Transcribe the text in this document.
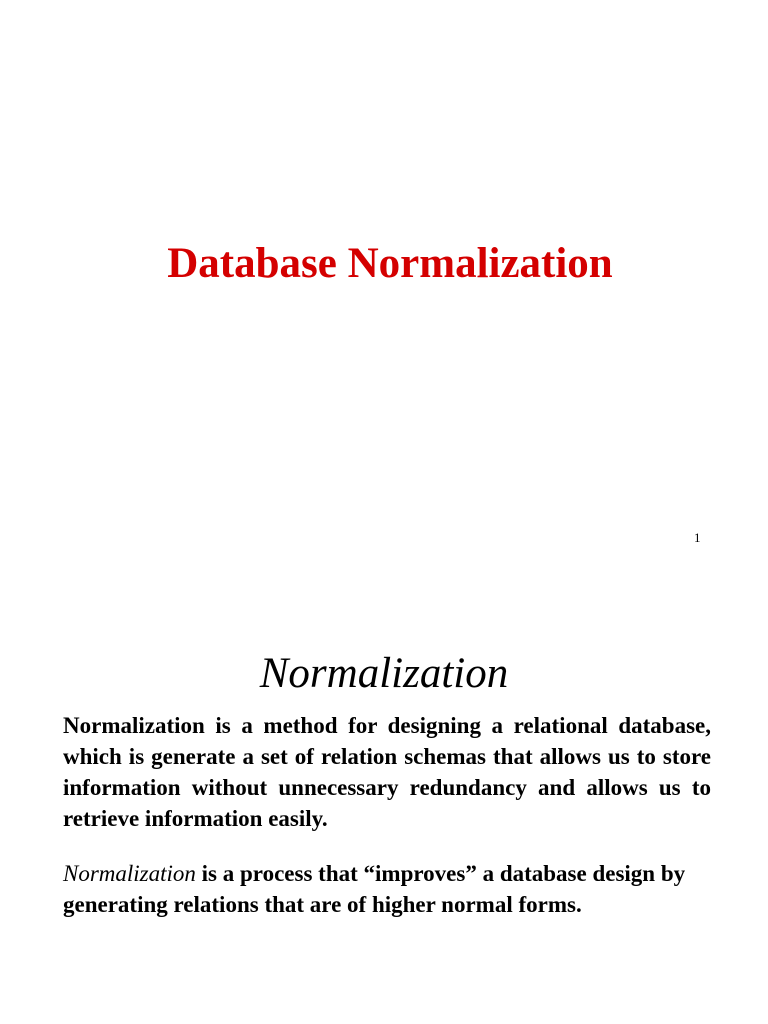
Database Normalization

1

Normalization

Normalization is a method for designing a relational database, which is generate a set of relation schemas that allows us to store information without unnecessary redundancy and allows us to retrieve information easily.

Normalization is a process that “improves” a database design by generating relations that are of higher normal forms.
